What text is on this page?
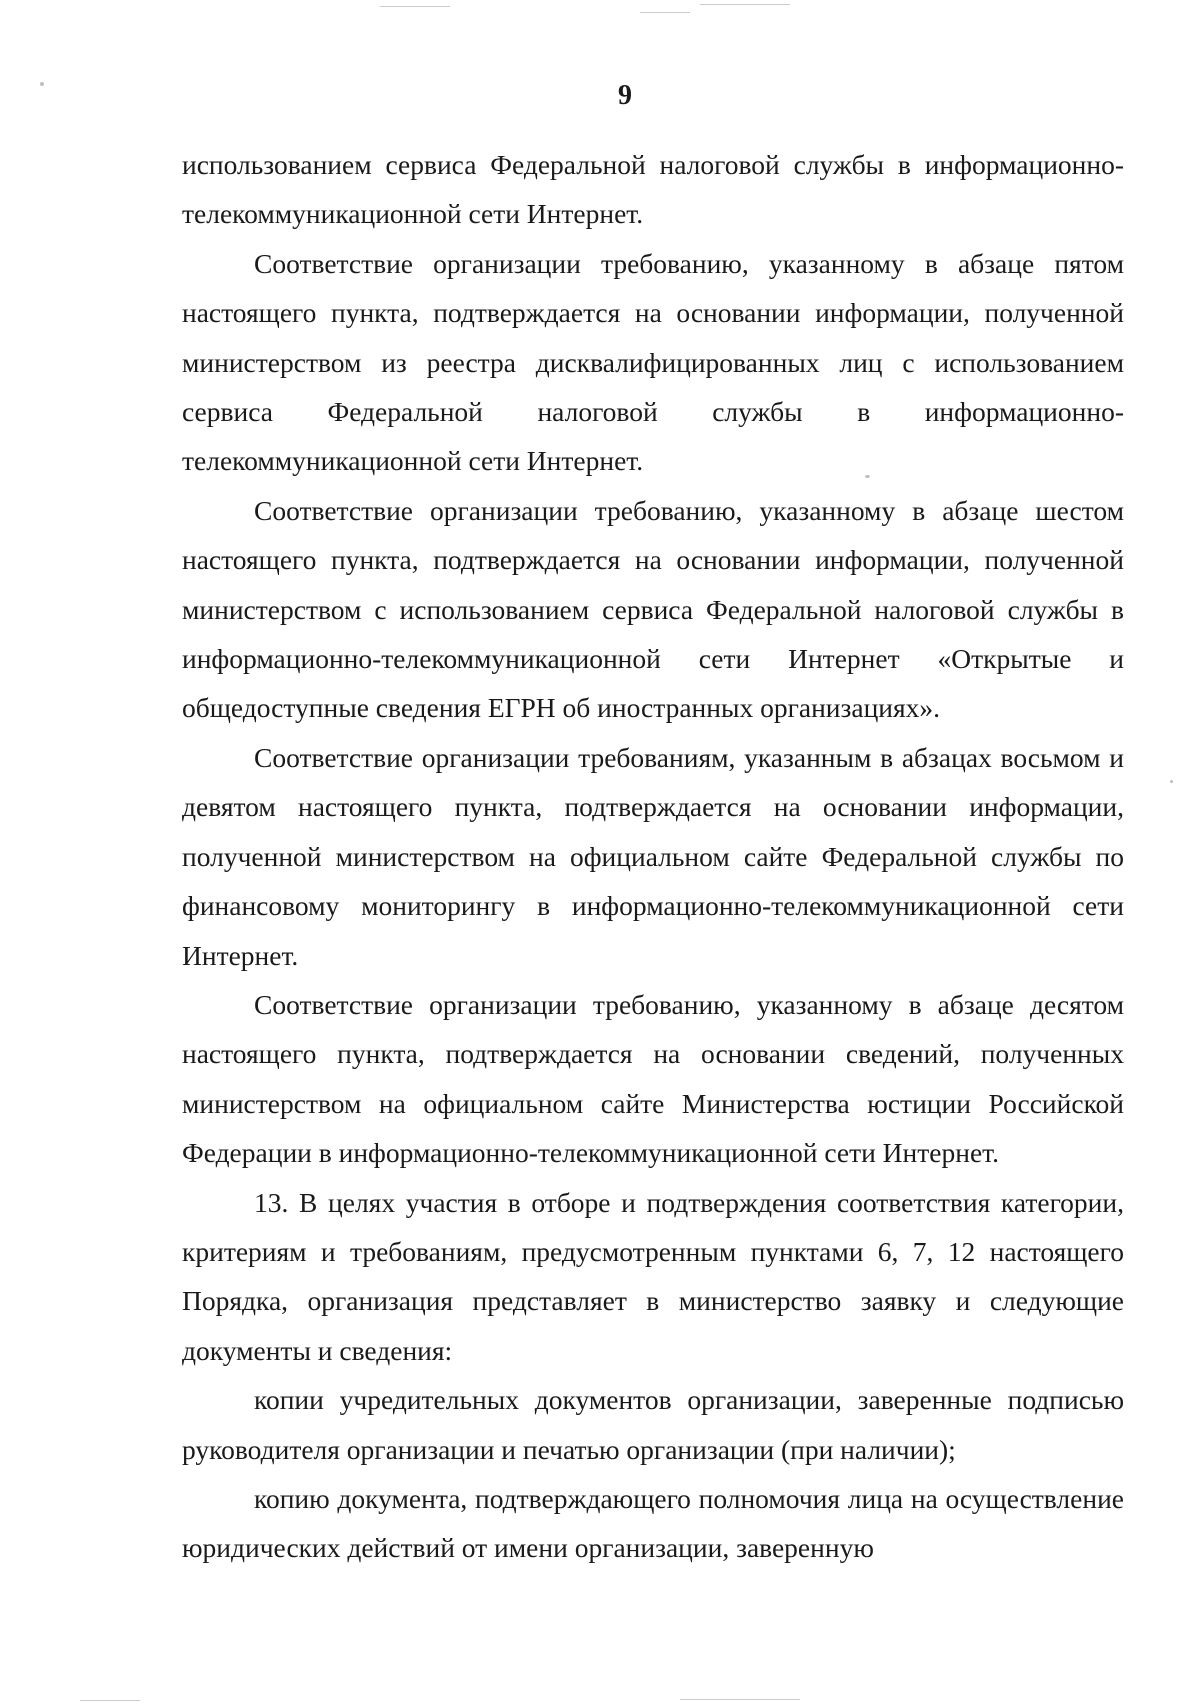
9

использованием сервиса Федеральной налоговой службы в информационно-телекоммуникационной сети Интернет.

Соответствие организации требованию, указанному в абзаце пятом настоящего пункта, подтверждается на основании информации, полученной министерством из реестра дисквалифицированных лиц с использованием сервиса Федеральной налоговой службы в информационно-телекоммуникационной сети Интернет.

Соответствие организации требованию, указанному в абзаце шестом настоящего пункта, подтверждается на основании информации, полученной министерством с использованием сервиса Федеральной налоговой службы в информационно-телекоммуникационной сети Интернет «Открытые и общедоступные сведения ЕГРН об иностранных организациях».

Соответствие организации требованиям, указанным в абзацах восьмом и девятом настоящего пункта, подтверждается на основании информации, полученной министерством на официальном сайте Федеральной службы по финансовому мониторингу в информационно-телекоммуникационной сети Интернет.

Соответствие организации требованию, указанному в абзаце десятом настоящего пункта, подтверждается на основании сведений, полученных министерством на официальном сайте Министерства юстиции Российской Федерации в информационно-телекоммуникационной сети Интернет.

13. В целях участия в отборе и подтверждения соответствия категории, критериям и требованиям, предусмотренным пунктами 6, 7, 12 настоящего Порядка, организация представляет в министерство заявку и следующие документы и сведения:

копии учредительных документов организации, заверенные подписью руководителя организации и печатью организации (при наличии);

копию документа, подтверждающего полномочия лица на осуществление юридических действий от имени организации, заверенную
